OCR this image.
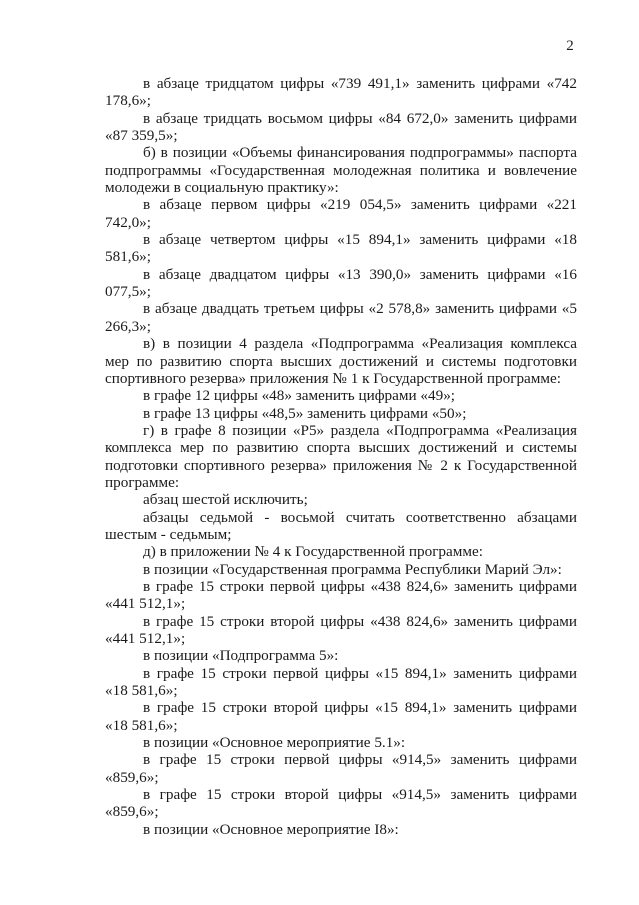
2

в абзаце тридцатом цифры «739 491,1» заменить цифрами «742 178,6»;

в абзаце тридцать восьмом цифры «84 672,0» заменить цифрами «87 359,5»;

б) в позиции «Объемы финансирования подпрограммы» паспорта подпрограммы «Государственная молодежная политика и вовлечение молодежи в социальную практику»:

в абзаце первом цифры «219 054,5» заменить цифрами «221 742,0»;

в абзаце четвертом цифры «15 894,1» заменить цифрами «18 581,6»;

в абзаце двадцатом цифры «13 390,0» заменить цифрами «16 077,5»;

в абзаце двадцать третьем цифры «2 578,8» заменить цифрами «5 266,3»;

в) в позиции 4 раздела «Подпрограмма «Реализация комплекса мер по развитию спорта высших достижений и системы подготовки спортивного резерва» приложения № 1 к Государственной программе:

в графе 12 цифры «48» заменить цифрами «49»;

в графе 13 цифры «48,5» заменить цифрами «50»;

г) в графе 8 позиции «Р5» раздела «Подпрограмма «Реализация комплекса мер по развитию спорта высших достижений и системы подготовки спортивного резерва» приложения № 2 к Государственной программе:

абзац шестой исключить;

абзацы седьмой - восьмой считать соответственно абзацами шестым - седьмым;

д) в приложении № 4 к Государственной программе:

в позиции «Государственная программа Республики Марий Эл»:

в графе 15 строки первой цифры «438 824,6» заменить цифрами «441 512,1»;

в графе 15 строки второй цифры «438 824,6» заменить цифрами «441 512,1»;

в позиции «Подпрограмма 5»:

в графе 15 строки первой цифры «15 894,1» заменить цифрами «18 581,6»;

в графе 15 строки второй цифры «15 894,1» заменить цифрами «18 581,6»;

в позиции «Основное мероприятие 5.1»:

в графе 15 строки первой цифры «914,5» заменить цифрами «859,6»;

в графе 15 строки второй цифры «914,5» заменить цифрами «859,6»;

в позиции «Основное мероприятие I8»:
